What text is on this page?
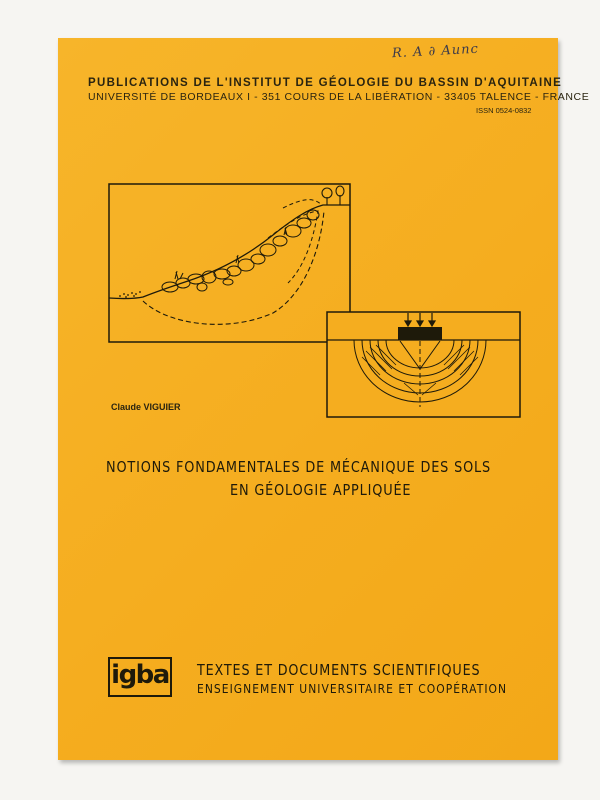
R. A ∂ Aunc
PUBLICATIONS DE L'INSTITUT DE GÉOLOGIE DU BASSIN D'AQUITAINE
UNIVERSITÉ DE BORDEAUX I - 351 COURS DE LA LIBÉRATION - 33405 TALENCE - FRANCE
ISSN 0524-0832
Claude VIGUIER
NOTIONS FONDAMENTALES DE MÉCANIQUE DES SOLS
EN GÉOLOGIE APPLIQUÉE
igba TEXTES ET DOCUMENTS SCIENTIFIQUES
ENSEIGNEMENT UNIVERSITAIRE ET COOPÉRATION
